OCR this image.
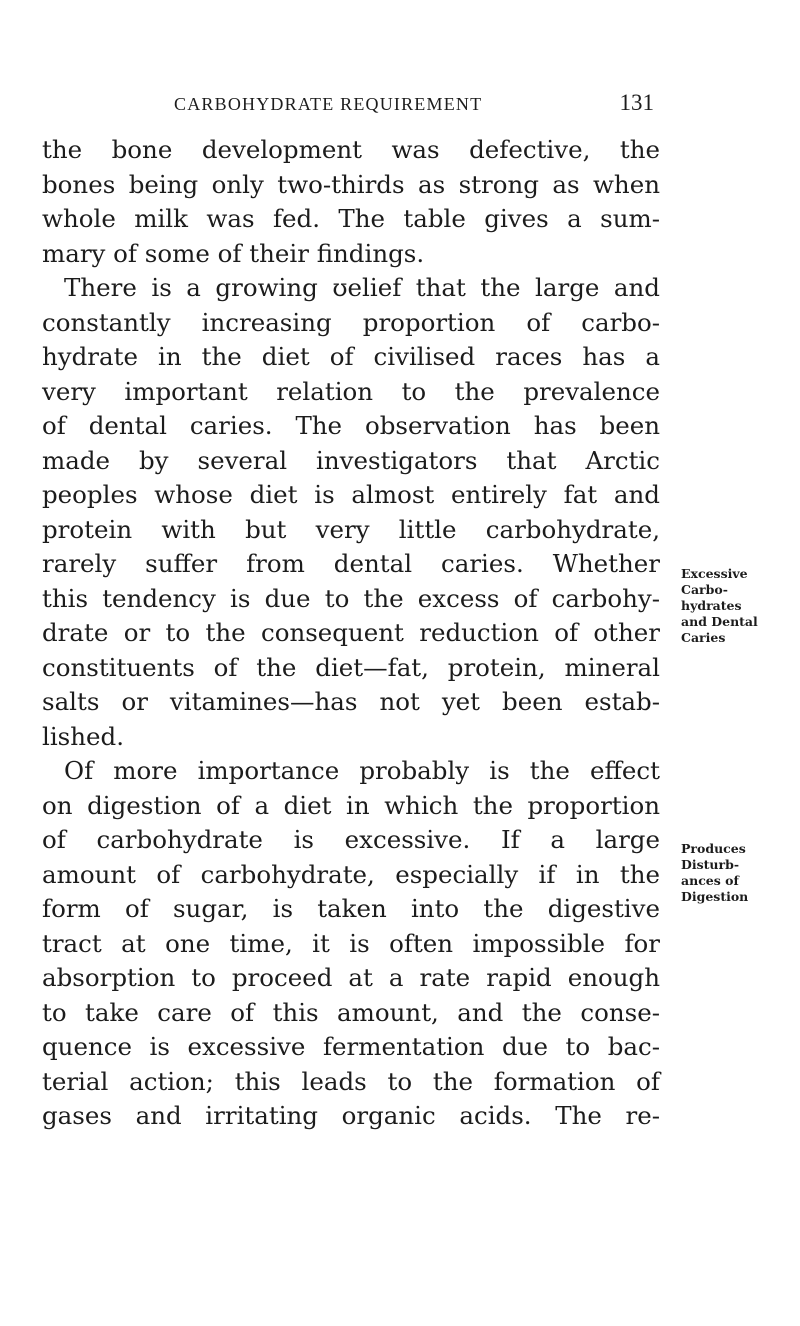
CARBOHYDRATE REQUIREMENT	131
the bone development was defective, the
bones being only two-thirds as strong as when
whole milk was fed. The table gives a sum-
mary of some of their findings.
There is a growing ʊelief that the large and
constantly increasing proportion of carbo-
hydrate in the diet of civilised races has a
very important relation to the prevalence
of dental caries. The observation has been
made by several investigators that Arctic
peoples whose diet is almost entirely fat and
protein with but very little carbohydrate,
rarely suffer from dental caries. Whether
this tendency is due to the excess of carbohy-
drate or to the consequent reduction of other
constituents of the diet—fat, protein, mineral
salts or vitamines—has not yet been estab-
lished.
Of more importance probably is the effect
on digestion of a diet in which the proportion
of carbohydrate is excessive. If a large
amount of carbohydrate, especially if in the
form of sugar, is taken into the digestive
tract at one time, it is often impossible for
absorption to proceed at a rate rapid enough
to take care of this amount, and the conse-
quence is excessive fermentation due to bac-
terial action; this leads to the formation of
gases and irritating organic acids. The re-
Excessive
Carbo-
hydrates
and Dental
Caries
Produces
Disturb-
ances of
Digestion
